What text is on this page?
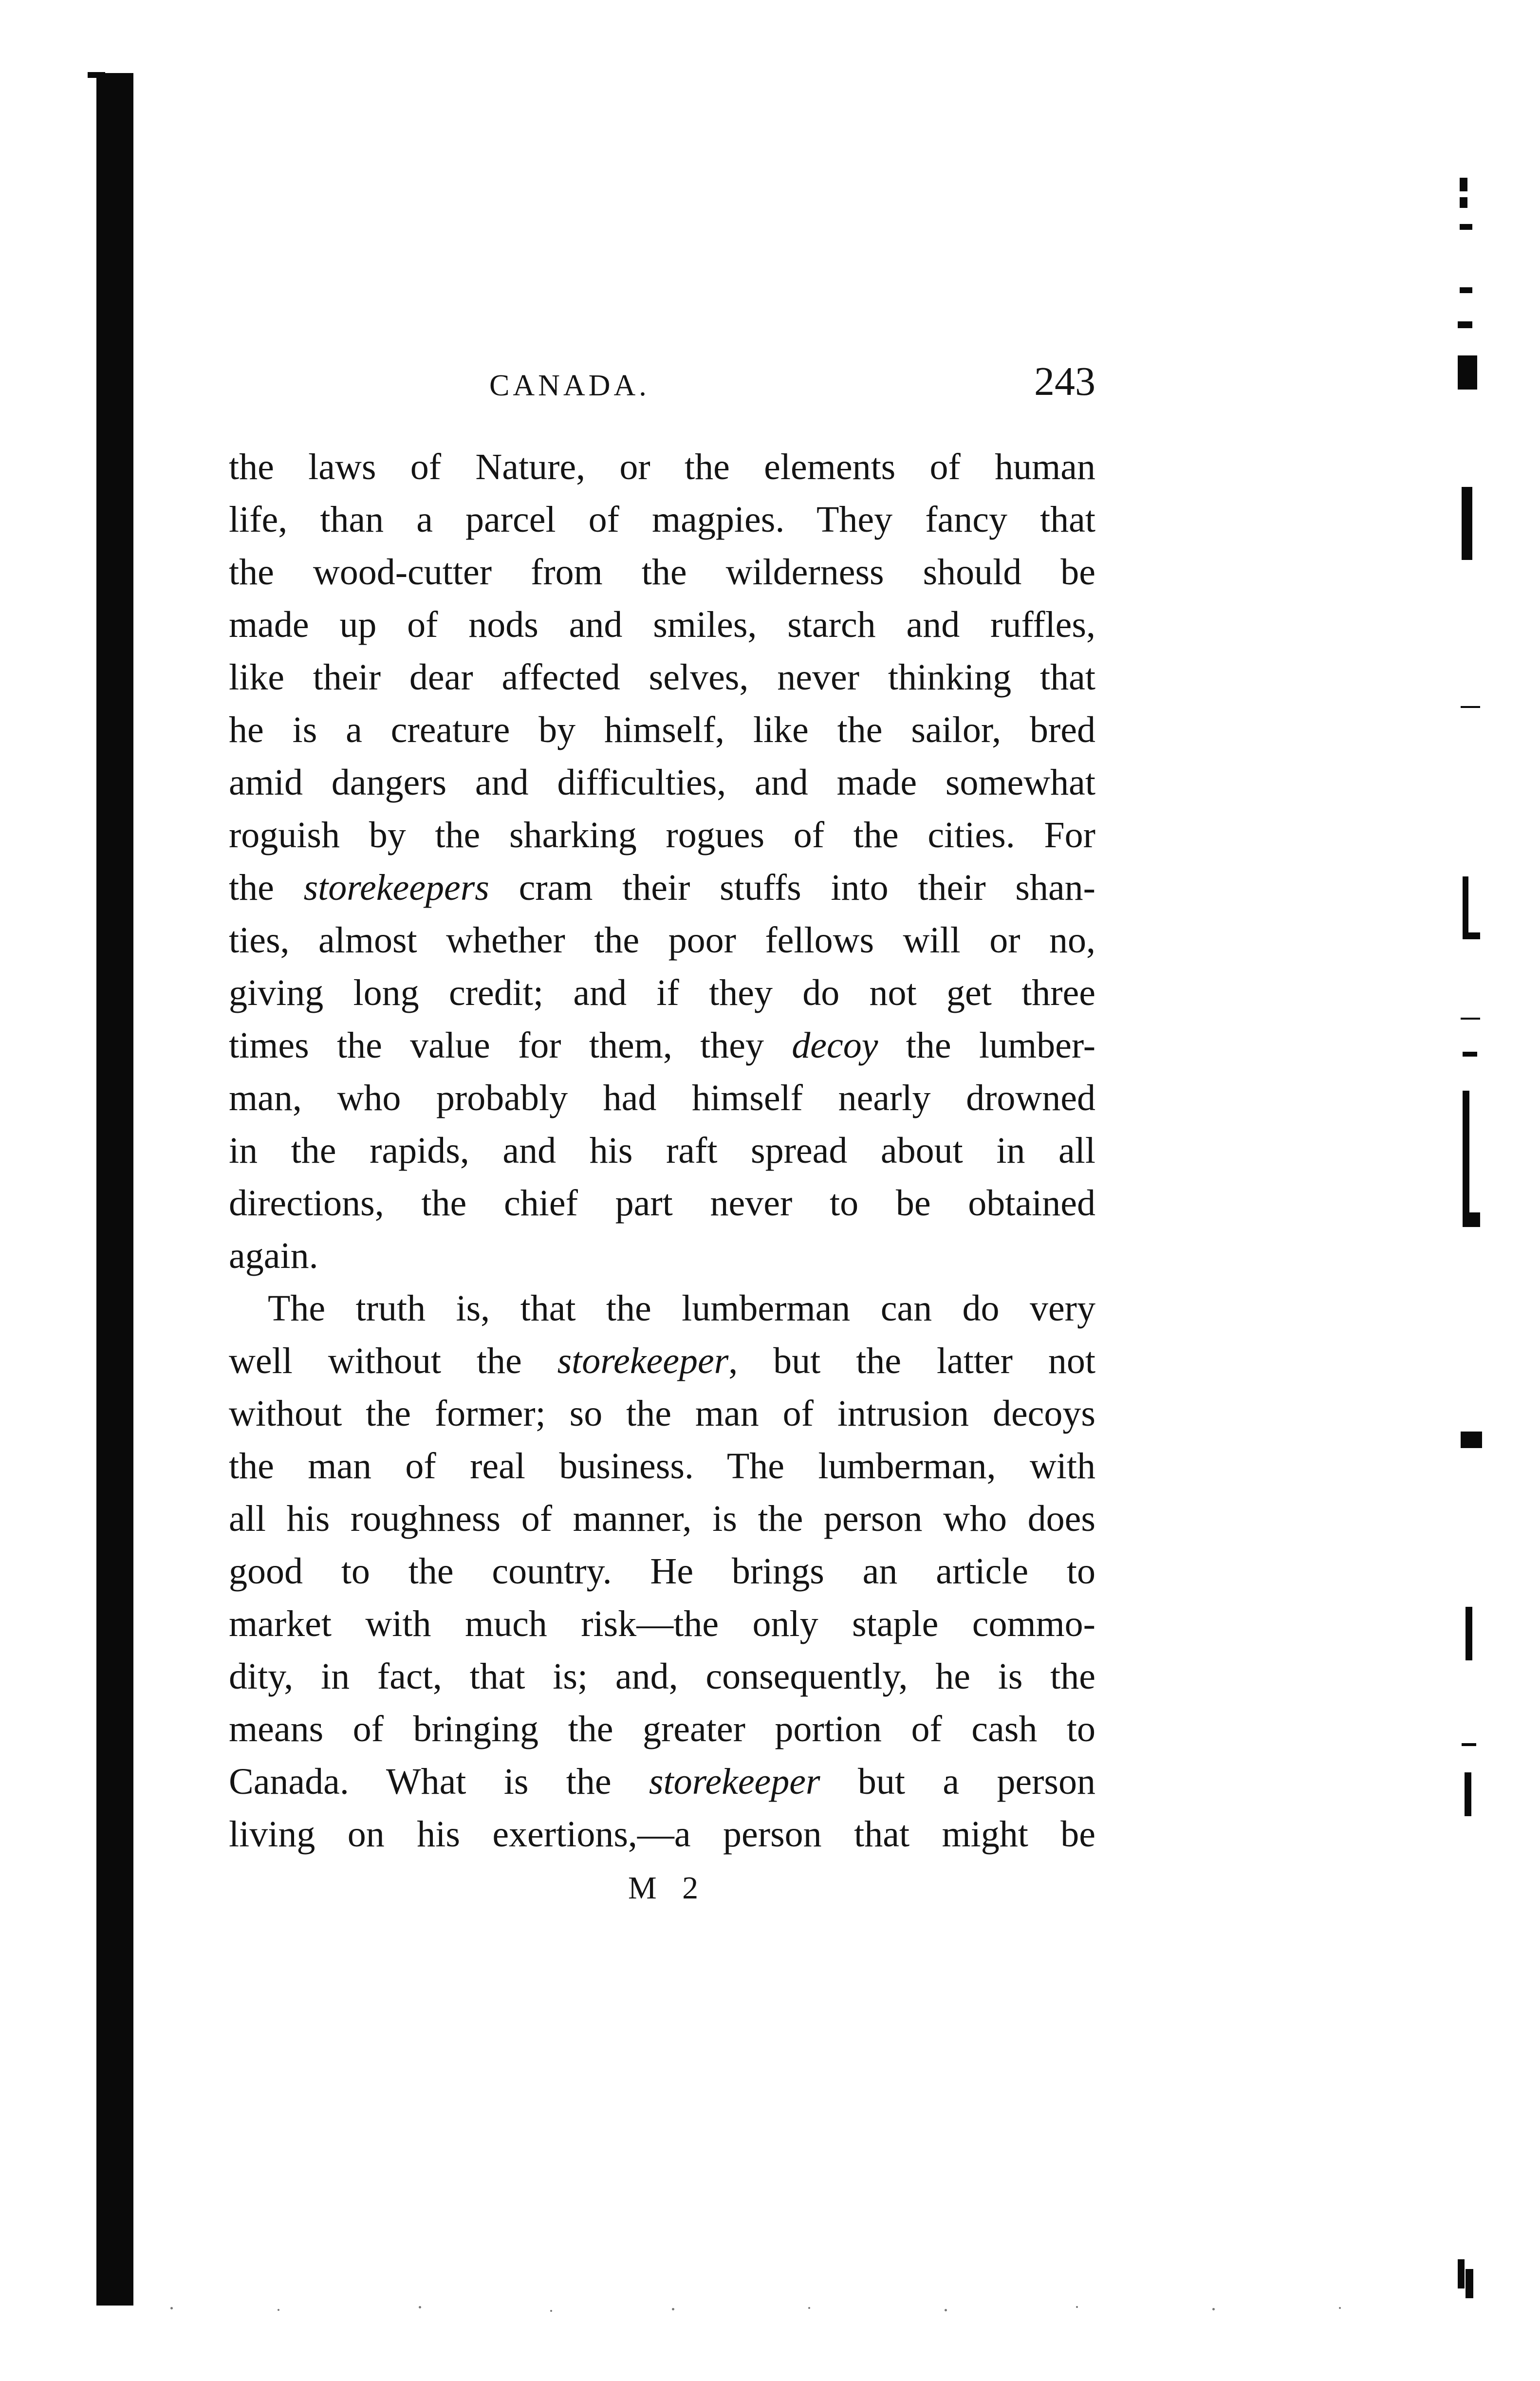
CANADA.	243
the laws of Nature, or the elements of human
life, than a parcel of magpies. They fancy that
the wood-cutter from the wilderness should be
made up of nods and smiles, starch and ruffles,
like their dear affected selves, never thinking that
he is a creature by himself, like the sailor, bred
amid dangers and difficulties, and made somewhat
roguish by the sharking rogues of the cities. For
the storekeepers cram their stuffs into their shan-
ties, almost whether the poor fellows will or no,
giving long credit; and if they do not get three
times the value for them, they decoy the lumber-
man, who probably had himself nearly drowned
in the rapids, and his raft spread about in all
directions, the chief part never to be obtained
again.
The truth is, that the lumberman can do very
well without the storekeeper, but the latter not
without the former; so the man of intrusion decoys
the man of real business. The lumberman, with
all his roughness of manner, is the person who does
good to the country. He brings an article to
market with much risk—the only staple commo-
dity, in fact, that is; and, consequently, he is the
means of bringing the greater portion of cash to
Canada. What is the storekeeper but a person
living on his exertions,—a person that might be
M 2
